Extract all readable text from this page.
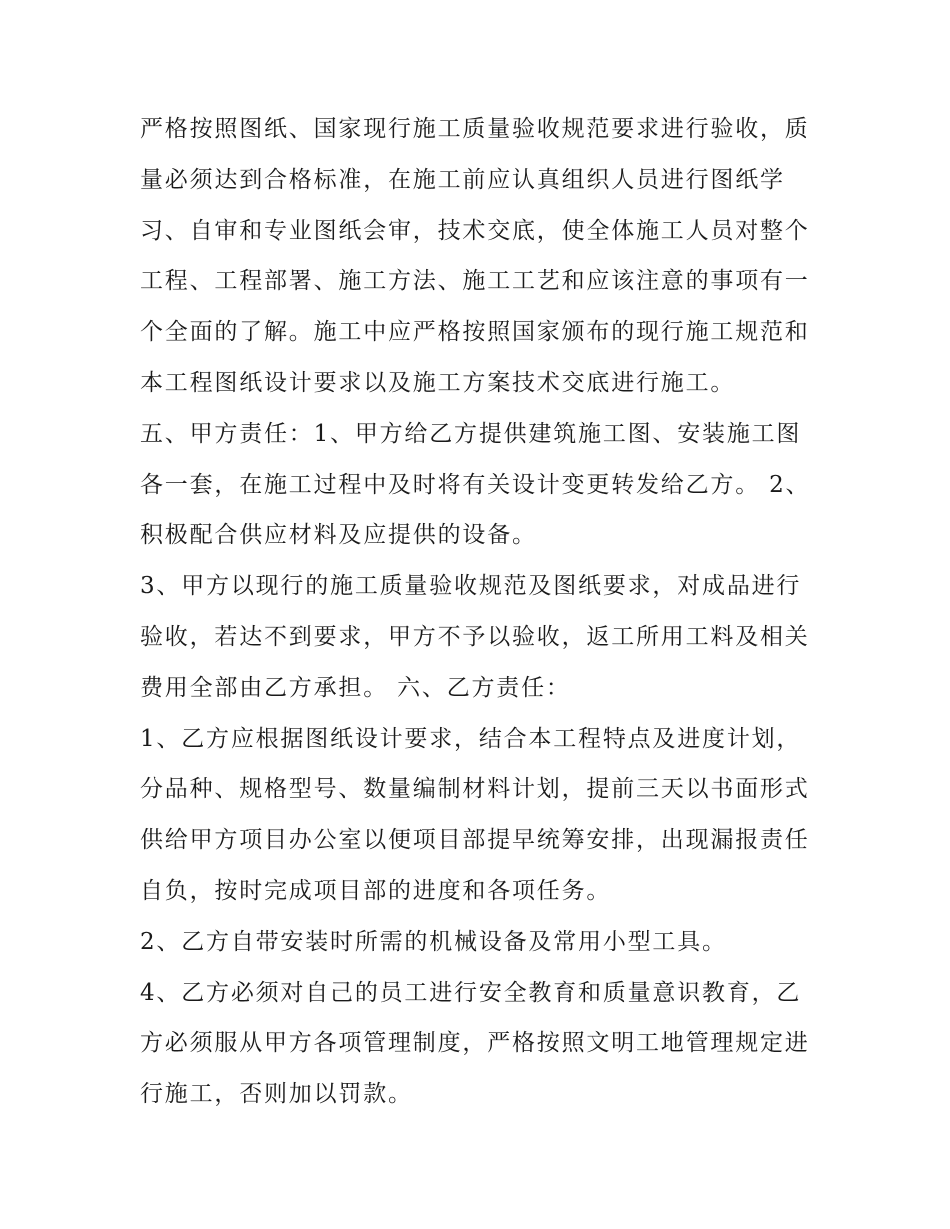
严格按照图纸、国家现行施工质量验收规范要求进行验收，质
量必须达到合格标准，在施工前应认真组织人员进行图纸学
习、自审和专业图纸会审，技术交底，使全体施工人员对整个
工程、工程部署、施工方法、施工工艺和应该注意的事项有一
个全面的了解。施工中应严格按照国家颁布的现行施工规范和
本工程图纸设计要求以及施工方案技术交底进行施工。
五、甲方责任：1、甲方给乙方提供建筑施工图、安装施工图
各一套，在施工过程中及时将有关设计变更转发给乙方。 2、
积极配合供应材料及应提供的设备。
3、甲方以现行的施工质量验收规范及图纸要求，对成品进行
验收，若达不到要求，甲方不予以验收，返工所用工料及相关
费用全部由乙方承担。 六、乙方责任：
1、乙方应根据图纸设计要求，结合本工程特点及进度计划，
分品种、规格型号、数量编制材料计划，提前三天以书面形式
供给甲方项目办公室以便项目部提早统筹安排，出现漏报责任
自负，按时完成项目部的进度和各项任务。
2、乙方自带安装时所需的机械设备及常用小型工具。
4、乙方必须对自己的员工进行安全教育和质量意识教育，乙
方必须服从甲方各项管理制度，严格按照文明工地管理规定进
行施工，否则加以罚款。
